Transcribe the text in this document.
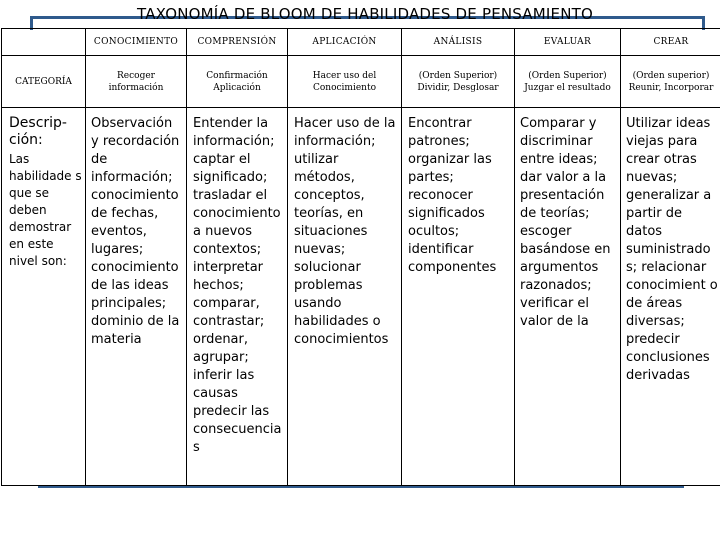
TAXONOMÍA DE BLOOM DE HABILIDADES DE PENSAMIENTO
	CONOCIMIENTO	COMPRENSIÓN	APLICACIÓN	ANÁLISIS	EVALUAR	CREAR
CATEGORÍA	Recoger información	Confirmación Aplicación	Hacer uso del Conocimiento	(Orden Superior) Dividir, Desglosar	(Orden Superior) Juzgar el resultado	(Orden superior) Reunir, Incorporar

Descrip- ción:
Las habilidade s que se deben demostrar en este nivel son:	Observación y recordación de información; conocimiento de fechas, eventos, lugares; conocimiento de las ideas principales; dominio de la materia	Entender la información; captar el significado; trasladar el conocimiento a nuevos contextos; interpretar hechos; comparar, contrastar; ordenar, agrupar; inferir las causas predecir las consecuencia s	Hacer uso de la información; utilizar métodos, conceptos, teorías, en situaciones nuevas; solucionar problemas usando habilidades o conocimientos	Encontrar patrones; organizar las partes; reconocer significados ocultos; identificar componentes	Comparar y discriminar entre ideas; dar valor a la presentación de teorías; escoger basándose en argumentos razonados; verificar el valor de la	Utilizar ideas viejas para crear otras nuevas; generalizar a partir de datos suministrado s; relacionar conocimient o de áreas diversas; predecir conclusiones derivadas
